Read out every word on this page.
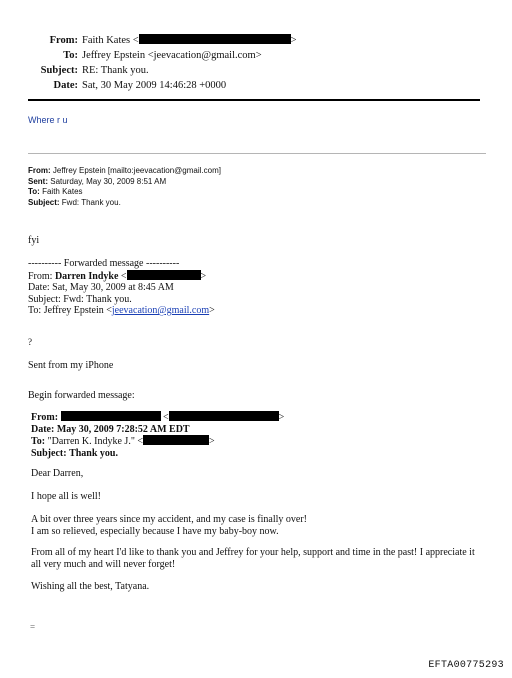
From: Faith Kates <	>
To: Jeffrey Epstein <jeevacation@gmail.com>
Subject: RE: Thank you.
Date: Sat, 30 May 2009 14:46:28 +0000
Where r u
From: Jeffrey Epstein [mailto:jeevacation@gmail.com]
Sent: Saturday, May 30, 2009 8:51 AM
To: Faith Kates
Subject: Fwd: Thank you.
fyi
---------- Forwarded message ----------
From: Darren Indyke <	>
Date: Sat, May 30, 2009 at 8:45 AM
Subject: Fwd: Thank you.
To: Jeffrey Epstein <jeevacation@gmail.com>
?
Sent from my iPhone
Begin forwarded message:
From:	<	>
Date: May 30, 2009 7:28:52 AM EDT
To: "Darren K. Indyke J." <	>
Subject: Thank you.
Dear Darren,
I hope all is well!
A bit over three years since my accident, and my case is finally over!
I am so relieved, especially because I have my baby-boy now.
From all of my heart I'd like to thank you and Jeffrey for your help, support and time in the past! I appreciate it
all very much and will never forget!
Wishing all the best, Tatyana.
=
EFTA00775293
